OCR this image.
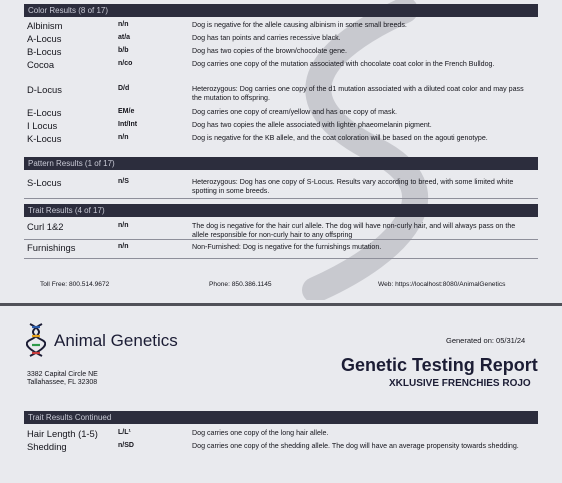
Color Results (8 of 17)
Albinism	n/n	Dog is negative for the allele causing albinism in some small breeds.
A-Locus	at/a	Dog has tan points and carries recessive black.
B-Locus	b/b	Dog has two copies of the brown/chocolate gene.
Cocoa	n/co	Dog carries one copy of the mutation associated with chocolate coat color in the French Bulldog.
D-Locus	D/d	Heterozygous: Dog carries one copy of the d1 mutation associated with a diluted coat color and may pass the mutation to offspring.
E-Locus	EM/e	Dog carries one copy of cream/yellow and has one copy of mask.
I Locus	Int/Int	Dog has two copies the allele associated with lighter phaeomelanin pigment.
K-Locus	n/n	Dog is negative for the KB allele, and the coat coloration will be based on the agouti genotype.
Pattern Results (1 of 17)
S-Locus	n/S	Heterozygous: Dog has one copy of S-Locus. Results vary according to breed, with some limited white spotting in some breeds.
Trait Results (4 of 17)
Curl 1&2	n/n	The dog is negative for the hair curl allele. The dog will have non-curly hair, and will always pass on the allele responsible for non-curly hair to any offspring
Furnishings	n/n	Non-Furnished: Dog is negative for the furnishings mutation.
Toll Free: 800.514.9672	Phone: 850.386.1145	Web: https://localhost:8080/AnimalGenetics
Animal Genetics
3382 Capital Circle NE
Tallahassee, FL 32308
Generated on: 05/31/24
Genetic Testing Report
XKLUSIVE FRENCHIES ROJO
Trait Results Continued
Hair Length (1-5)	L/L¹	Dog carries one copy of the long hair allele.
Shedding	n/SD	Dog carries one copy of the shedding allele. The dog will have an average propensity towards shedding.
